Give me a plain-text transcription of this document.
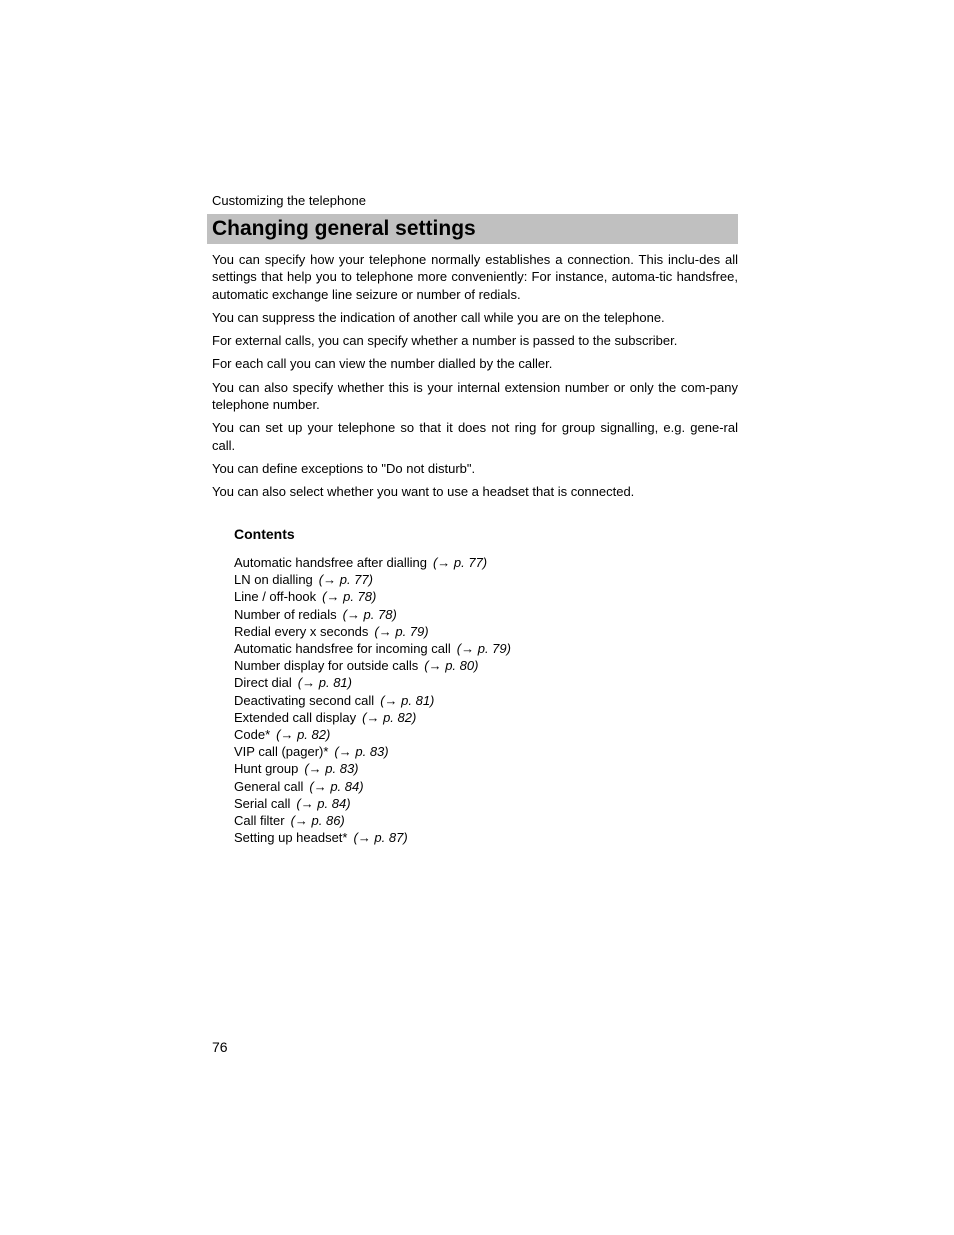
Customizing the telephone
Changing general settings

You can specify how your telephone normally establishes a connection. This inclu-des all settings that help you to telephone more conveniently: For instance, automa-tic handsfree, automatic exchange line seizure or number of redials.

You can suppress the indication of another call while you are on the telephone.

For external calls, you can specify whether a number is passed to the subscriber.

For each call you can view the number dialled by the caller.

You can also specify whether this is your internal extension number or only the com-pany telephone number.

You can set up your telephone so that it does not ring for group signalling, e.g. gene-ral call.

You can define exceptions to "Do not disturb".

You can also select whether you want to use a headset that is connected.

Contents
Automatic handsfree after dialling (→ p. 77)
LN on dialling (→ p. 77)
Line / off-hook (→ p. 78)
Number of redials (→ p. 78)
Redial every x seconds (→ p. 79)
Automatic handsfree for incoming call (→ p. 79)
Number display for outside calls (→ p. 80)
Direct dial (→ p. 81)
Deactivating second call (→ p. 81)
Extended call display (→ p. 82)
Code* (→ p. 82)
VIP call (pager)* (→ p. 83)
Hunt group (→ p. 83)
General call (→ p. 84)
Serial call (→ p. 84)
Call filter (→ p. 86)
Setting up headset* (→ p. 87)
76
